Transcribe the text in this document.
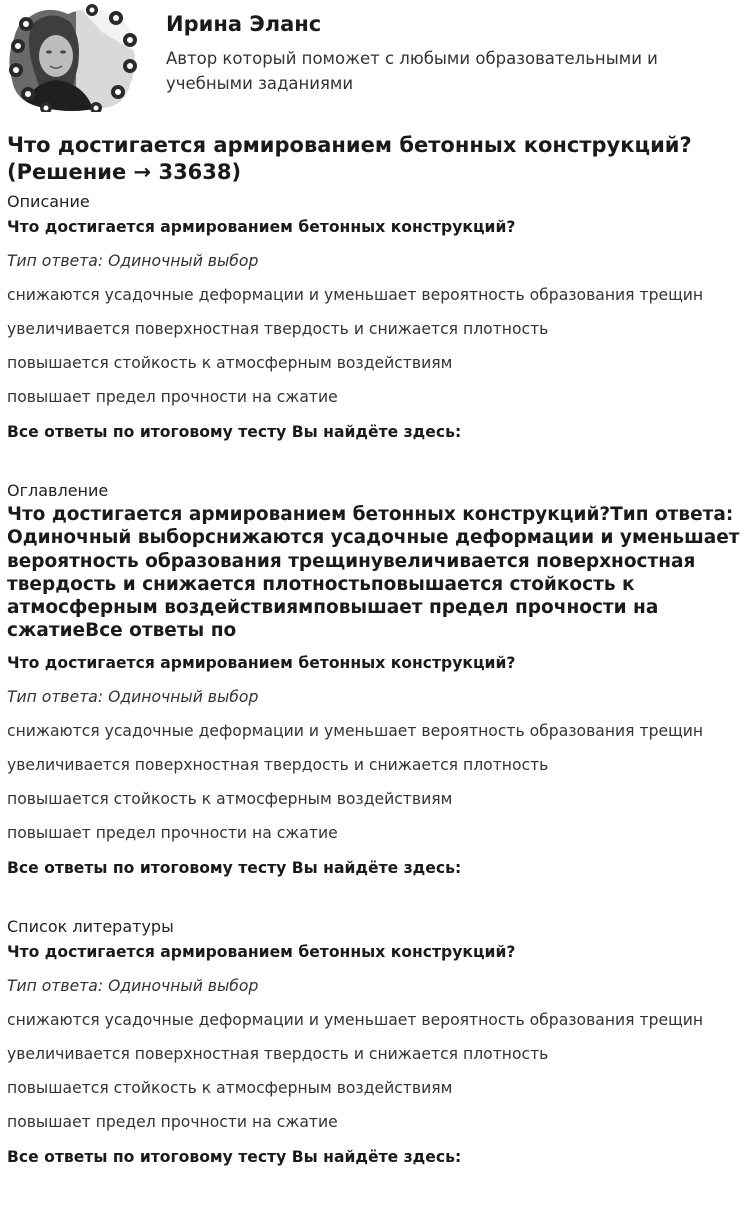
Ирина Эланс
Автор который поможет с любыми образовательными и учебными заданиями
Что достигается армированием бетонных конструкций?
(Решение → 33638)
Описание
Что достигается армированием бетонных конструкций?
Тип ответа: Одиночный выбор
снижаются усадочные деформации и уменьшает вероятность образования трещин
увеличивается поверхностная твердость и снижается плотность
повышается стойкость к атмосферным воздействиям
повышает предел прочности на сжатие
Все ответы по итоговому тесту Вы найдёте здесь:
Оглавление
Что достигается армированием бетонных конструкций?Тип ответа: Одиночный выборснижаются усадочные деформации и уменьшает вероятность образования трещинувеличивается поверхностная твердость и снижается плотностьповышается стойкость к атмосферным воздействиямповышает предел прочности на сжатиеВсе ответы по
Что достигается армированием бетонных конструкций?
Тип ответа: Одиночный выбор
снижаются усадочные деформации и уменьшает вероятность образования трещин
увеличивается поверхностная твердость и снижается плотность
повышается стойкость к атмосферным воздействиям
повышает предел прочности на сжатие
Все ответы по итоговому тесту Вы найдёте здесь:
Список литературы
Что достигается армированием бетонных конструкций?
Тип ответа: Одиночный выбор
снижаются усадочные деформации и уменьшает вероятность образования трещин
увеличивается поверхностная твердость и снижается плотность
повышается стойкость к атмосферным воздействиям
повышает предел прочности на сжатие
Все ответы по итоговому тесту Вы найдёте здесь:
